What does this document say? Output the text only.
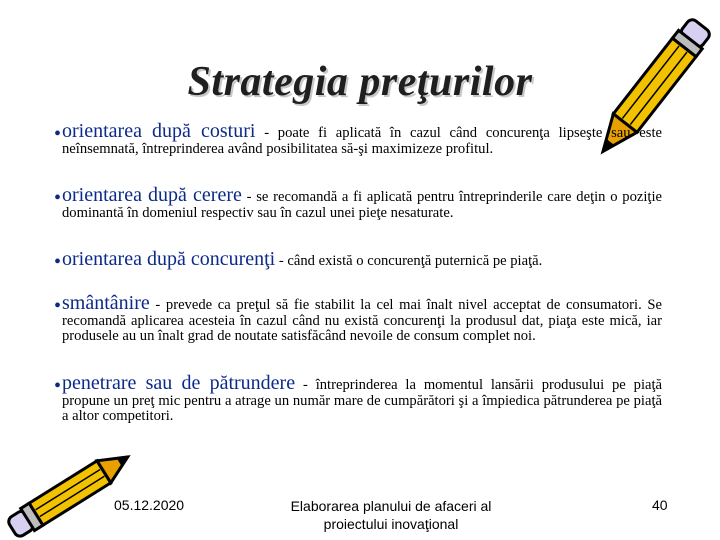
Strategia preţurilor
• orientarea după costuri - poate fi aplicată în cazul când concurenţa lipseşte sau este neînsemnată, întreprinderea având posibilitatea să-şi maximizeze profitul.
• orientarea după cerere - se recomandă a fi aplicată pentru întreprinderile care deţin o poziţie dominantă în domeniul respectiv sau în cazul unei pieţe nesaturate.
• orientarea după concurenţi - când există o concurenţă puternică pe piaţă.
• smântânire - prevede ca preţul să fie stabilit la cel mai înalt nivel acceptat de consumatori. Se recomandă aplicarea acesteia în cazul când nu există concurenţi la produsul dat, piaţa este mică, iar produsele au un înalt grad de noutate satisfăcând nevoile de consum complet noi.
• penetrare sau de pătrundere - întreprinderea la momentul lansării produsului pe piaţă propune un preţ mic pentru a atrage un număr mare de cumpărători şi a împiedica pătrunderea pe piaţă a altor competitori.
05.12.2020	Elaborarea planului de afaceri al
proiectului inovaţional
40
